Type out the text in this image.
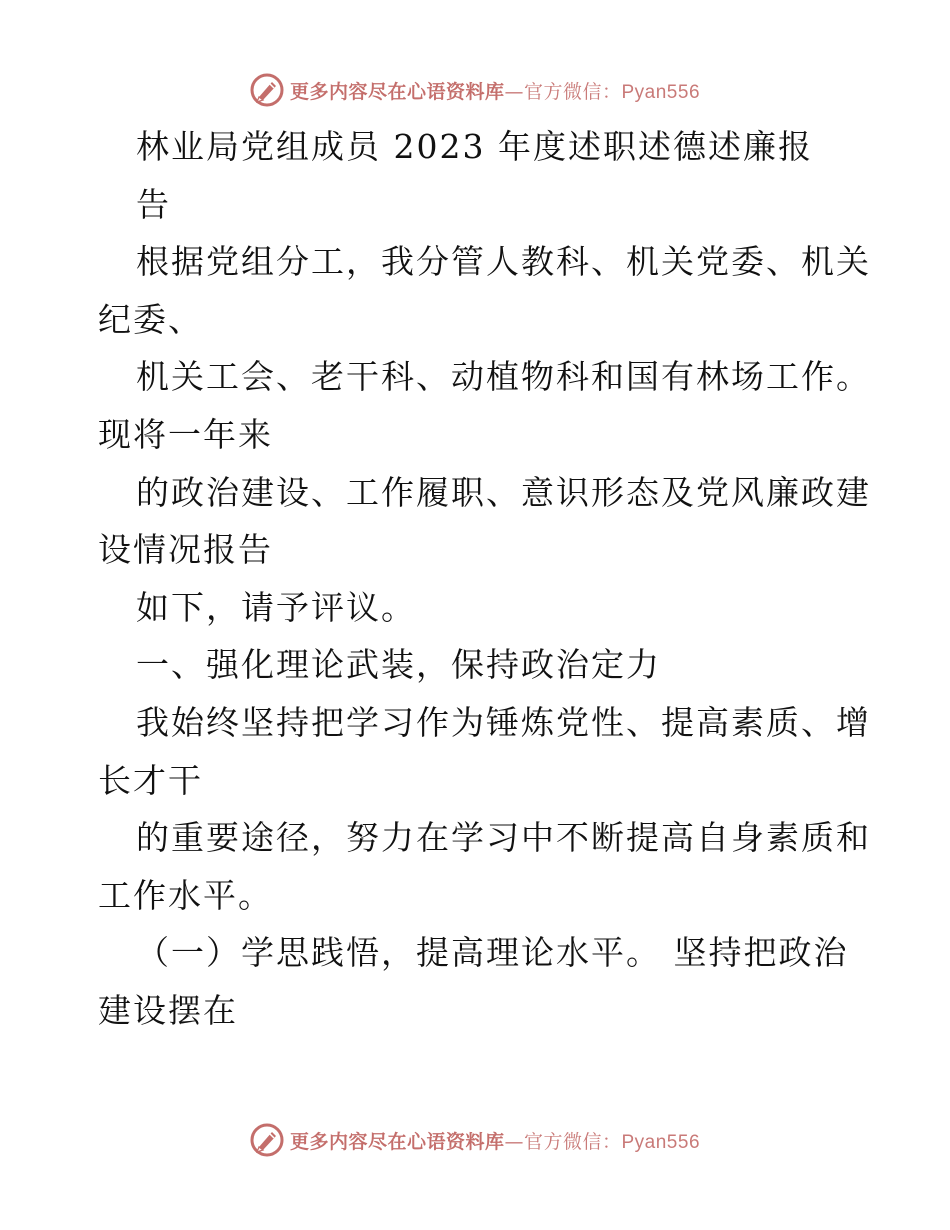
更多内容尽在心语资料库—官方微信：Pyan556
林业局党组成员 2023 年度述职述德述廉报
告
根据党组分工，我分管人教科、机关党委、机关
纪委、
机关工会、老干科、动植物科和国有林场工作。
现将一年来
的政治建设、工作履职、意识形态及党风廉政建
设情况报告
如下，请予评议。
一、强化理论武装，保持政治定力
我始终坚持把学习作为锤炼党性、提高素质、增
长才干
的重要途径，努力在学习中不断提高自身素质和
工作水平。
（一）学思践悟，提高理论水平。 坚持把政治
建设摆在
更多内容尽在心语资料库—官方微信：Pyan556
